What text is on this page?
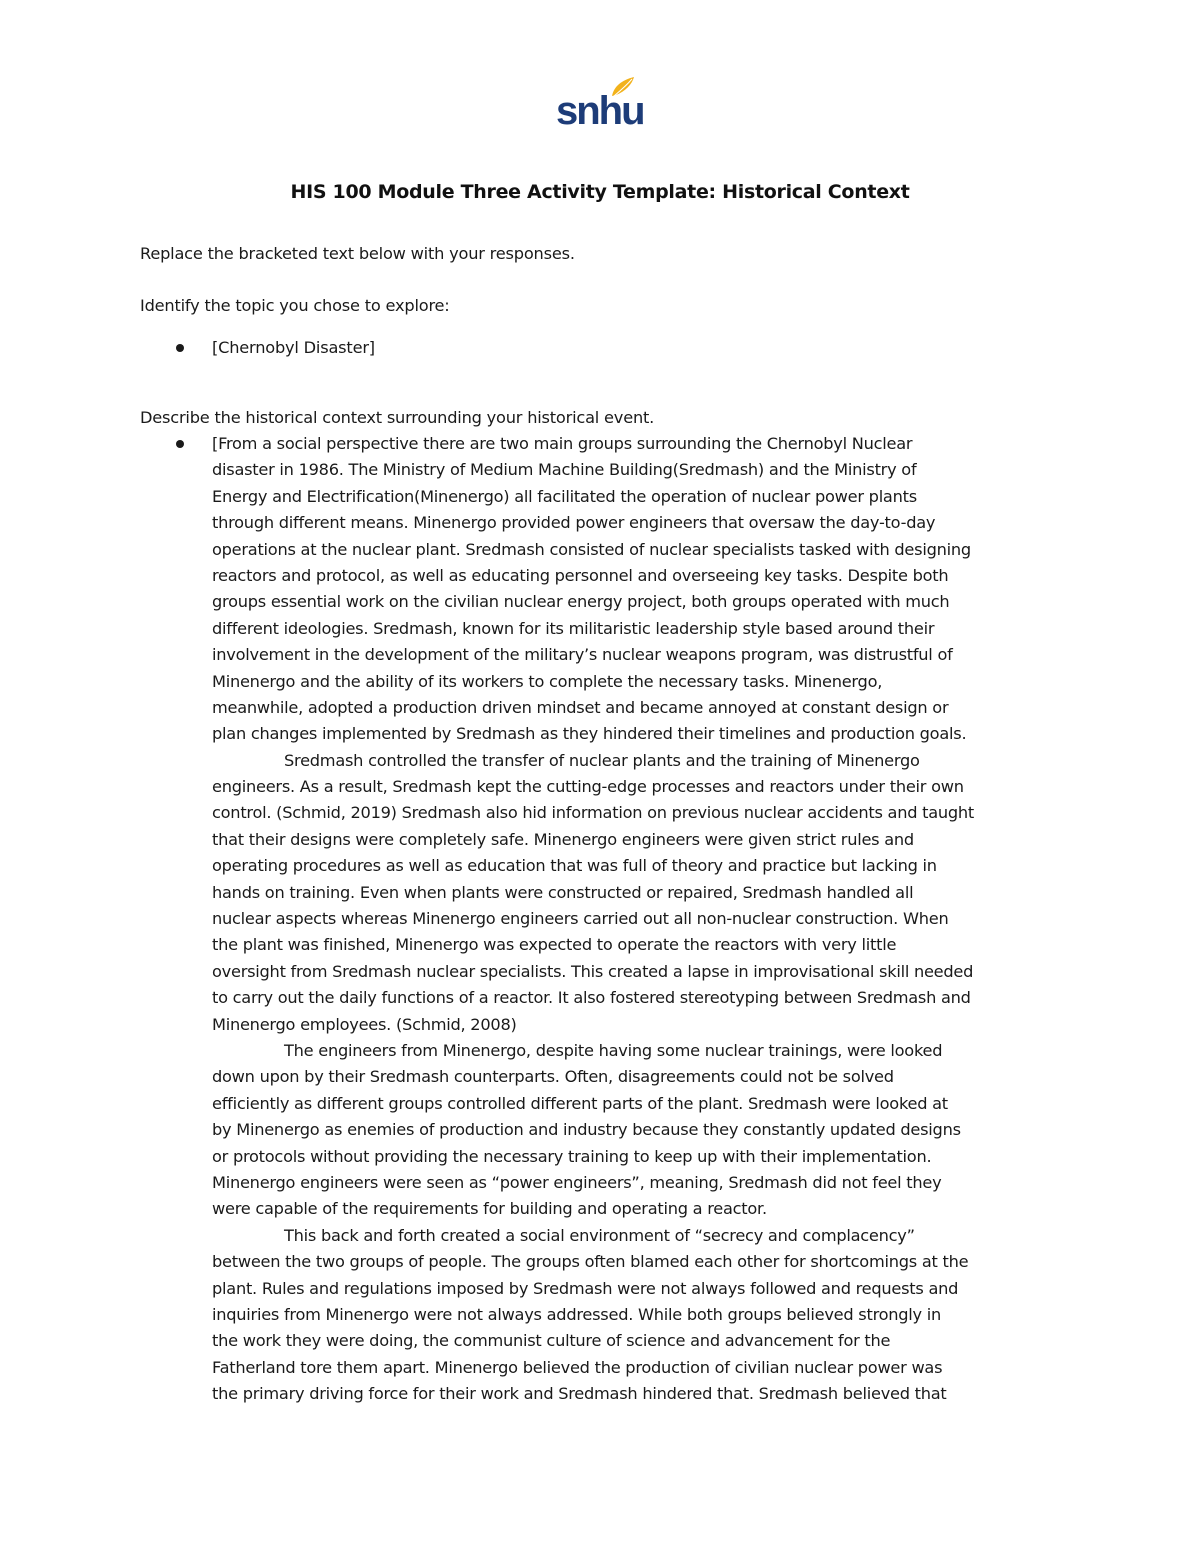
snhu
HIS 100 Module Three Activity Template: Historical Context

Replace the bracketed text below with your responses.

Identify the topic you chose to explore:

[Chernobyl Disaster]

Describe the historical context surrounding your historical event.

[From a social perspective there are two main groups surrounding the Chernobyl Nuclear
disaster in 1986. The Ministry of Medium Machine Building(Sredmash) and the Ministry of
Energy and Electrification(Minenergo) all facilitated the operation of nuclear power plants
through different means. Minenergo provided power engineers that oversaw the day-to-day
operations at the nuclear plant. Sredmash consisted of nuclear specialists tasked with designing
reactors and protocol, as well as educating personnel and overseeing key tasks. Despite both
groups essential work on the civilian nuclear energy project, both groups operated with much
different ideologies. Sredmash, known for its militaristic leadership style based around their
involvement in the development of the military’s nuclear weapons program, was distrustful of
Minenergo and the ability of its workers to complete the necessary tasks. Minenergo,
meanwhile, adopted a production driven mindset and became annoyed at constant design or
plan changes implemented by Sredmash as they hindered their timelines and production goals.
Sredmash controlled the transfer of nuclear plants and the training of Minenergo
engineers. As a result, Sredmash kept the cutting-edge processes and reactors under their own
control. (Schmid, 2019) Sredmash also hid information on previous nuclear accidents and taught
that their designs were completely safe. Minenergo engineers were given strict rules and
operating procedures as well as education that was full of theory and practice but lacking in
hands on training. Even when plants were constructed or repaired, Sredmash handled all
nuclear aspects whereas Minenergo engineers carried out all non-nuclear construction. When
the plant was finished, Minenergo was expected to operate the reactors with very little
oversight from Sredmash nuclear specialists. This created a lapse in improvisational skill needed
to carry out the daily functions of a reactor. It also fostered stereotyping between Sredmash and
Minenergo employees. (Schmid, 2008)
The engineers from Minenergo, despite having some nuclear trainings, were looked
down upon by their Sredmash counterparts. Often, disagreements could not be solved
efficiently as different groups controlled different parts of the plant. Sredmash were looked at
by Minenergo as enemies of production and industry because they constantly updated designs
or protocols without providing the necessary training to keep up with their implementation.
Minenergo engineers were seen as “power engineers”, meaning, Sredmash did not feel they
were capable of the requirements for building and operating a reactor.
This back and forth created a social environment of “secrecy and complacency”
between the two groups of people. The groups often blamed each other for shortcomings at the
plant. Rules and regulations imposed by Sredmash were not always followed and requests and
inquiries from Minenergo were not always addressed. While both groups believed strongly in
the work they were doing, the communist culture of science and advancement for the
Fatherland tore them apart. Minenergo believed the production of civilian nuclear power was
the primary driving force for their work and Sredmash hindered that. Sredmash believed that
